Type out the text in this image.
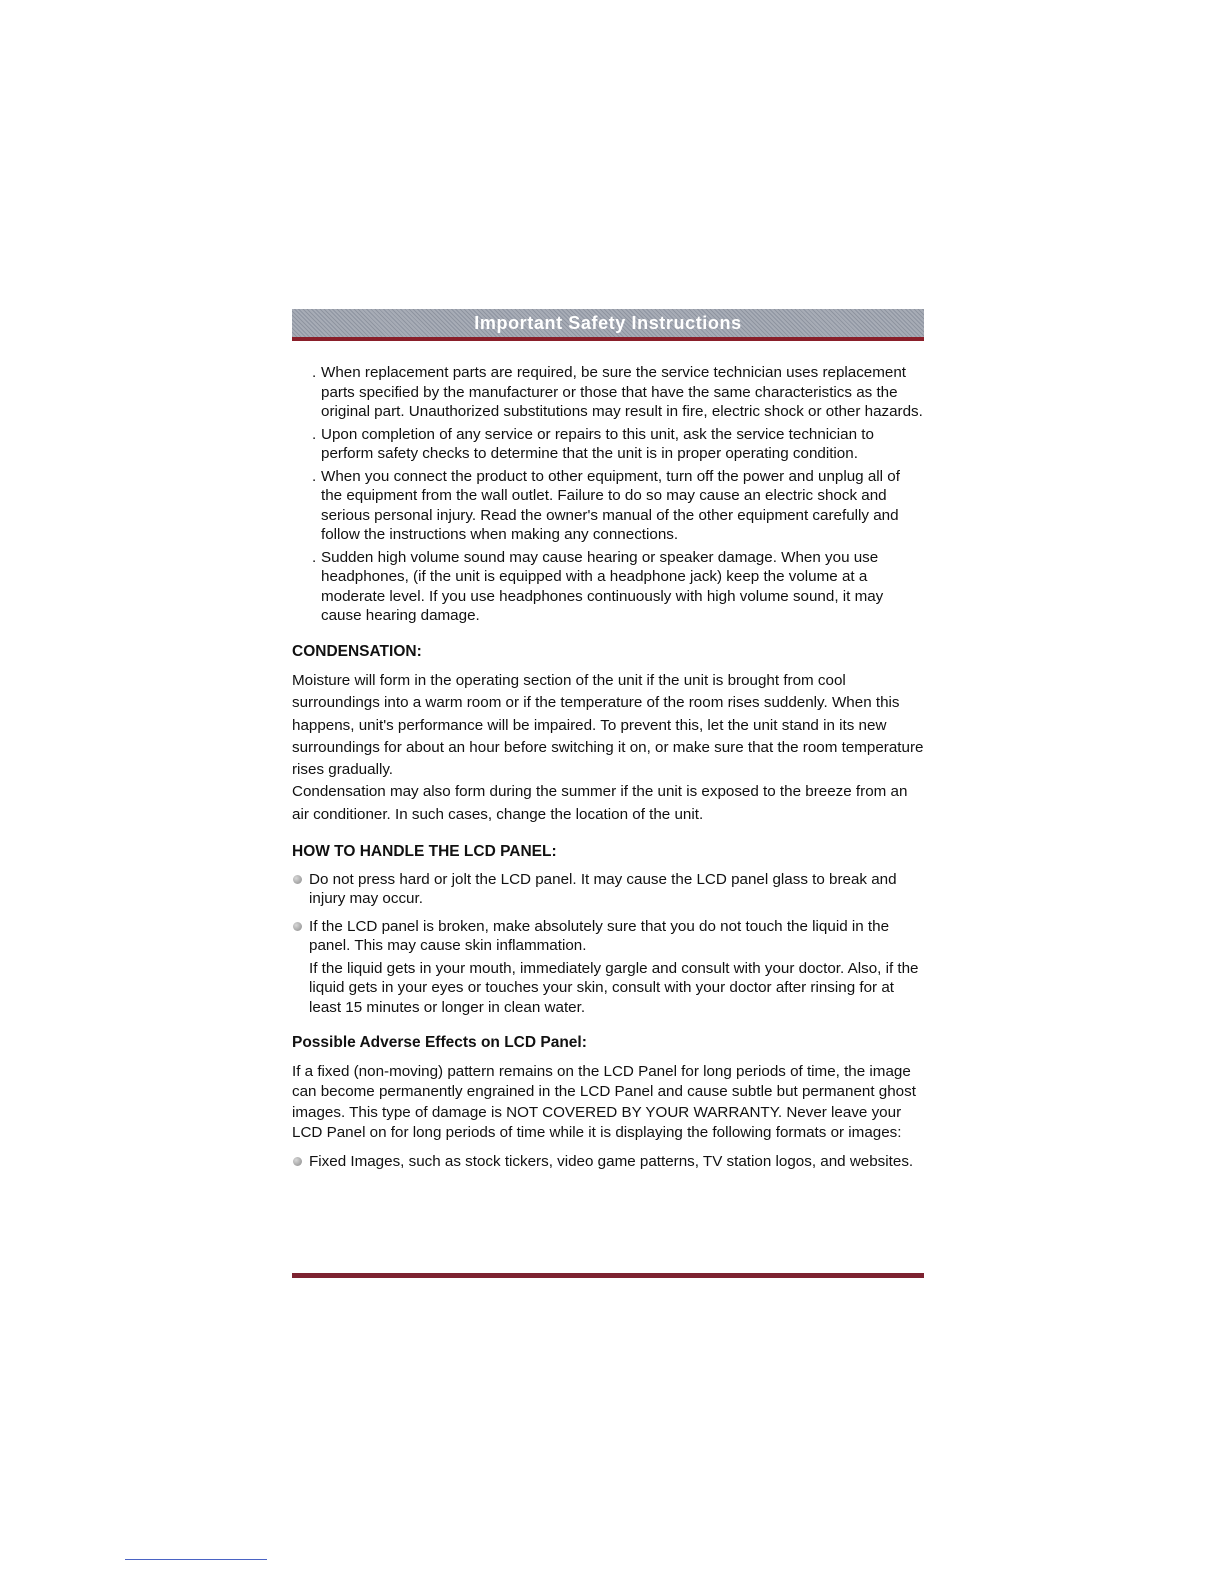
Important Safety Instructions
. When replacement parts are required, be sure the service technician uses replacement parts specified by the manufacturer or those that have the same characteristics as the original part. Unauthorized substitutions may result in fire, electric shock or other hazards.
. Upon completion of any service or repairs to this unit, ask the service technician to perform safety checks to determine that the unit is in proper operating condition.
. When you connect the product to other equipment, turn off the power and unplug all of the equipment from the wall outlet. Failure to do so may cause an electric shock and serious personal injury. Read the owner's manual of the other equipment carefully and follow the instructions when making any connections.
. Sudden high volume sound may cause hearing or speaker damage. When you use headphones, (if the unit is equipped with a headphone jack) keep the volume at a moderate level. If you use headphones continuously with high volume sound, it may cause hearing damage.
CONDENSATION:
Moisture will form in the operating section of the unit if the unit is brought from cool surroundings into a warm room or if the temperature of the room rises suddenly. When this happens, unit's performance will be impaired. To prevent this, let the unit stand in its new surroundings for about an hour before switching it on, or make sure that the room temperature rises gradually.
Condensation may also form during the summer if the unit is exposed to the breeze from an air conditioner. In such cases, change the location of the unit.
HOW TO HANDLE THE LCD PANEL:
Do not press hard or jolt the LCD panel. It may cause the LCD panel glass to break and injury may occur.
If the LCD panel is broken, make absolutely sure that you do not touch the liquid in the panel. This may cause skin inflammation.
If the liquid gets in your mouth, immediately gargle and consult with your doctor. Also, if the liquid gets in your eyes or touches your skin, consult with your doctor after rinsing for at least 15 minutes or longer in clean water.
Possible Adverse Effects on LCD Panel:
If a fixed (non-moving) pattern remains on the LCD Panel for long periods of time, the image can become permanently engrained in the LCD Panel and cause subtle but permanent ghost images. This type of damage is NOT COVERED BY YOUR WARRANTY. Never leave your LCD Panel on for long periods of time while it is displaying the following formats or images:
Fixed Images, such as stock tickers, video game patterns, TV station logos, and websites.
